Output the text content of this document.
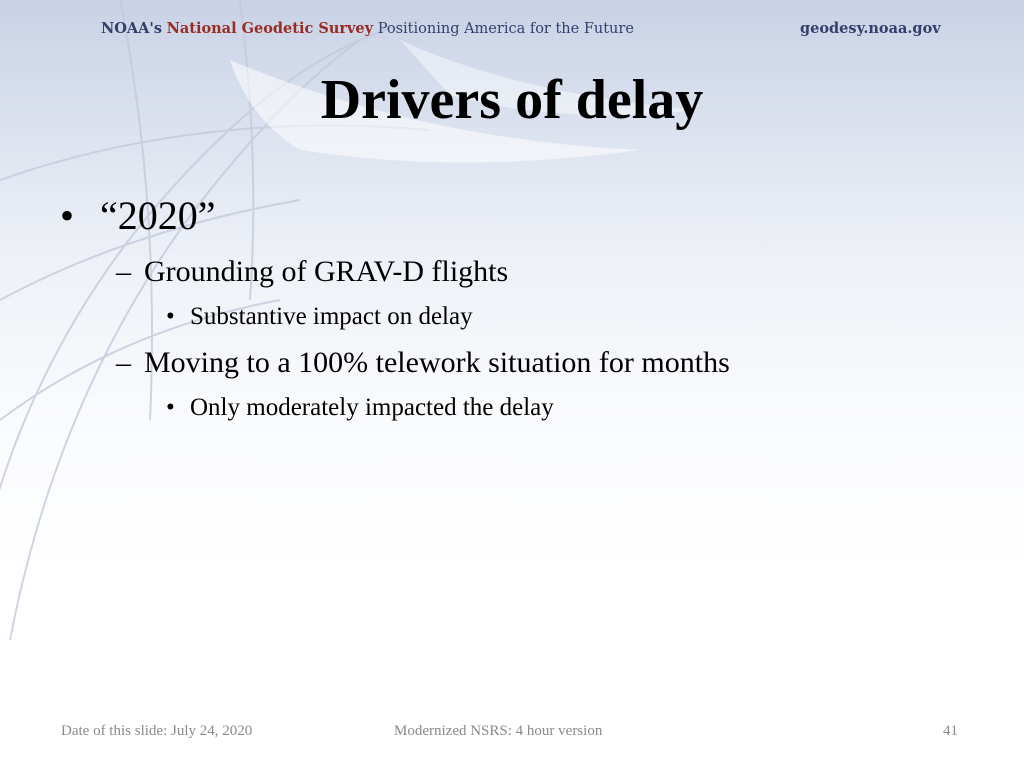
NOAA's National Geodetic Survey Positioning America for the Future	geodesy.noaa.gov
Drivers of delay
• “2020”
– Grounding of GRAV-D flights
• Substantive impact on delay
– Moving to a 100% telework situation for months
• Only moderately impacted the delay
Date of this slide: July 24, 2020	Modernized NSRS: 4 hour version	41
